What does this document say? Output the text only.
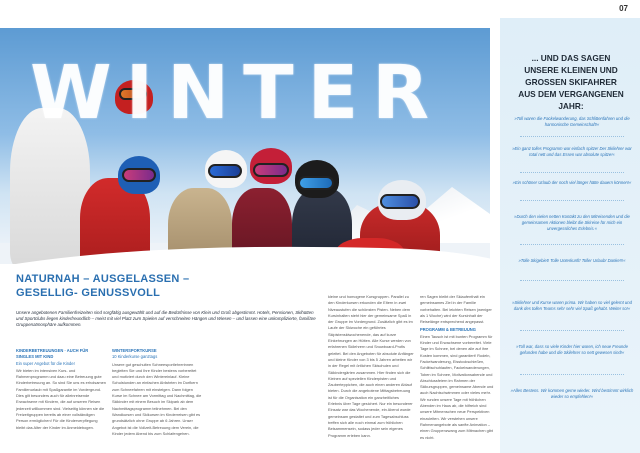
WINTER
07
... UND DAS SAGEN
UNSERE KLEINEN UND
GROSSEN SKIFAHRER
AUS DEM VERGANGENEN JAHR:
»Toll waren die Fackelwanderung, das Schlittenfahren und die harmonische Gemeinschaft!«
»Ein ganz tolles Programm war einfach spitze! Der Skilehrer war total nett und das Essen war absolute spitze!«
»Ein schöner Urlaub der noch viel länger hätte dauern können!«
»Durch den vielen netten Kontakt zu den Mitreisenden und die gemeinsamen Aktionen bleibt die Skireise für mich ein unvergessliches Erlebnis.«
»Tolle Skigebiet! Tolle Unterkunft! Toller Urlaub! Danke!!!«
»Skilehrer und Kurse waren prima. Wir haben so viel gelernt und dank des tollen Teams sehr sehr viel Spaß gehabt. Weiter so!«
»Toll war, dass so viele Kinder hier waren, ich neue Freunde gefunden habe und die Skilehrer so nett gewesen sind!«
»Alles Bestens. Wir kommen gerne wieder. Wird bestimmt wirklich wieder so empfehlen!«
NATURNAH – AUSGELASSEN –
GESELLIG- GENUSSVOLL
Unsere angebotenen Familienfreizeiten sind sorgfältig ausgewählt und auf die Bedürfnisse von Klein und Groß abgestimmt. Hotels, Pensionen, Skihütten und Sportclubs liegen kinderfreundlich – meist mit viel Platz zum Spielen auf verschneiten Hängen und Wiesen – und lassen eine unkomplizierte, familiäre Gruppenatmosphäre aufkommen.
KINDERBETREUUNGEN · AUCH FÜR SINGLES MIT KIND
Ein super Angebot für die Kinder

Wir bieten im intensiven Kurs- und Rahmenprogramm und dazu eine Betreuung gute Kinderbetreuung an. So sind Sie uns es erholsamen Familienurlaub mit Spaßgarantie im Vordergrund. Dies gilt besonders auch für alleinreisende Erwachsene mit Kindern, die auf unseren Reisen jederzeit willkommen sind. Vielseitig können sie die Freizeitgruppen bereits ab einer vollständigen Person ermöglichen! Für die Kinderverpflegung bleibt das Alter der Kinder im Anmeldebogen.

WINTERSPORTKURSE
10 Kinderkurse ganztags

Unsere gut geschulten Schneesportlehrerinnen begleiten Sie und Ihre Kinder bestens vorbereitet und motiviert durch den Wintereinlauf. Kleine Schulstunden an einfachen Abfahrten im Dorfkern zum Schneefahren mit einsteigen. Dann folgen Kurse im Schnee am Vormittag und Nachmittag, die Skikinder mit einem Besuch im Skipark ab dem Nachmittagsprogramm teilnehmen. Bei den Wandkursen und Skikursen im Kinderreisen gibt es grundsätzlich ohne Gruppe ab 6 Jahren. Unser Angebot ist die Vollzeit-Betreuung dem Verein, die Kinder jedem Abend bis zum Schlafengehen.

kleine und homogene Kursgruppen. Parallel zu den Kinderkursen erkunden die Eltern in zwei Niveaustufen die schönsten Pisten. Neben dem Kursinhalten steht hier der gemeinsame Spaß in der Gruppe im Vordergrund. Zusätzlich gibt es im Laufe der Skiwoche ein geführtes Skipistenskiwochenende, das auf kurze Einkehrungen an Hütten. Alle Kurse werden von erfahrenen Skilehrern und Snowboard-Profis geleitet. Bei den Angeboten für absolute Anfänger und kleine Kinder von 3 bis 5 Jahren arbeiten wir in der Regel mit örtlichen Skischulen und Skikindergärten zusammen. Hier finden sich die Kleinen auf speziellen Kinderpisten und Zauberteppichen, die auch einen anderen Ablauf bieten. Durch die angebotene Mittagsbetreuung ist für die Organisation ein ganzheitliches Erlebnis über Tage gesichert. Nur ein besonderer Einsatz war das Wochenende, ein Abend wurde gemeinsam gestaltet und zum Tagesabschluss treffen sich alle noch einmal zum fröhlichen Beisammensein, sodass jeder sein eigenes Programm erleben kann.

ren Sagen bleibt der Skiaufenthalt ein gemeinsames Ziel in der Familie vorbehalten. Bei leichten Reisen (weniger als 1 Woche) wird der Kursinhalt der Reiselänge entsprechend angepasst.

PROGRAMM & BETREUUNG

Einen Tausch ist mit bunten Programm für Kinder und Erwachsene vorbereitet. Viele Tage im Schnee, bei denen alle auf ihre Kosten kommen, sind garantiert! Rodeln, Fackelwanderung, Eisstockschießen, Schlittschuhlaufen, Fackelwanderungen, Toben im Schnee, Motivationsabende und Abschlussfeiern im Rahmen der Skikursgruppen, gemeinsame Abende und auch Nachtschwimmen oder vieles mehr. Wir runden unsere Tage mit fröhlichen Abenden im Haus ab, die hilfreich sind unsere Mitmenschen neue Perspektiven einzuleiten. Wir verstehen unsere Rahmenangebote als sanfte Animation – einen Gruppenzwang zum Mitmachen gibt es nicht.
